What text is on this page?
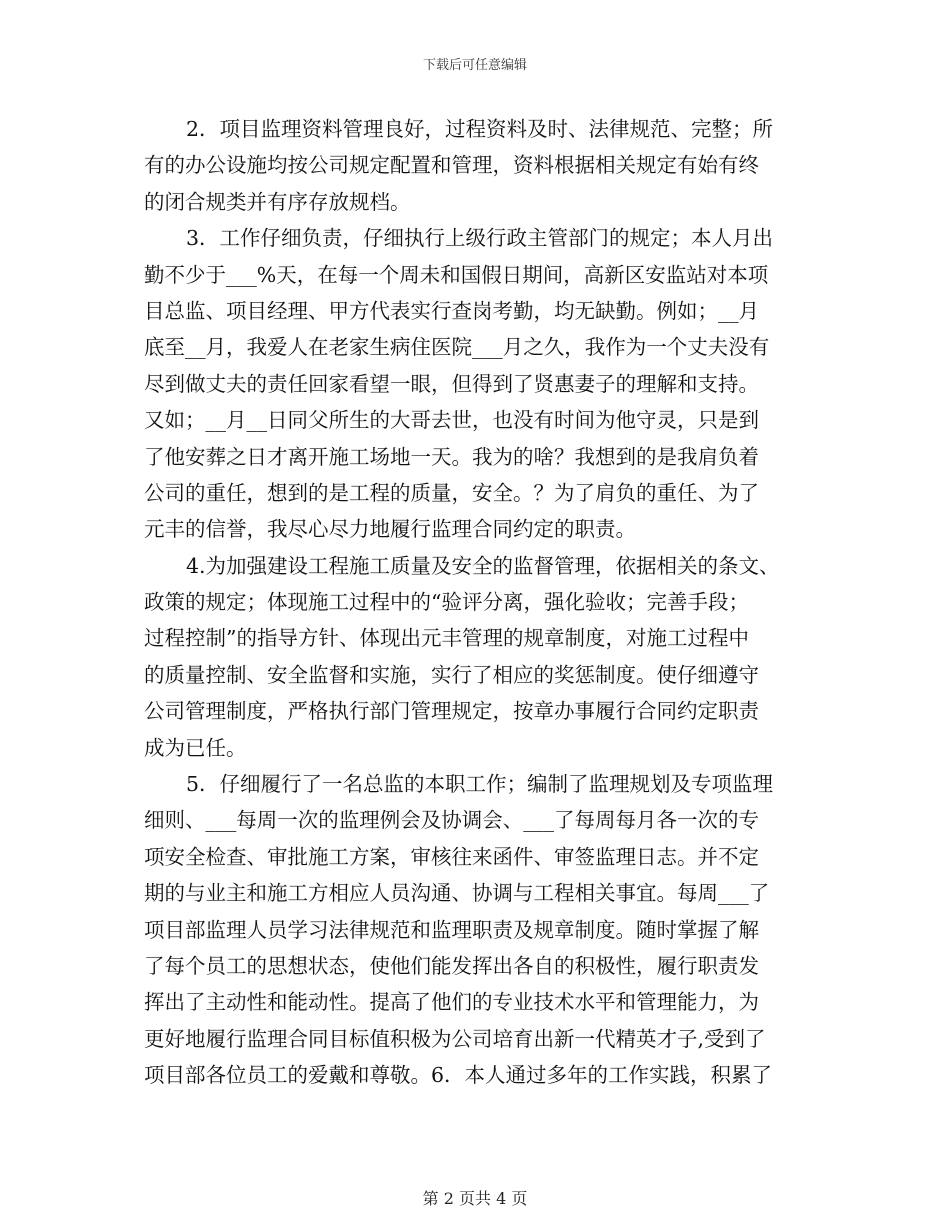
下载后可任意编辑
2．项目监理资料管理良好，过程资料及时、法律规范、完整；所
有的办公设施均按公司规定配置和管理，资料根据相关规定有始有终
的闭合规类并有序存放规档。
3．工作仔细负责，仔细执行上级行政主管部门的规定；本人月出
勤不少于___%天，在每一个周未和国假日期间，高新区安监站对本项
目总监、项目经理、甲方代表实行查岗考勤，均无缺勤。例如；__月
底至__月，我爱人在老家生病住医院___月之久，我作为一个丈夫没有
尽到做丈夫的责任回家看望一眼，但得到了贤惠妻子的理解和支持。
又如；__月__日同父所生的大哥去世，也没有时间为他守灵，只是到
了他安葬之日才离开施工场地一天。我为的啥？我想到的是我肩负着
公司的重任，想到的是工程的质量，安全。？为了肩负的重任、为了
元丰的信誉，我尽心尽力地履行监理合同约定的职责。
4.为加强建设工程施工质量及安全的监督管理，依据相关的条文、
政策的规定；体现施工过程中的“验评分离，强化验收；完善手段；
过程控制”的指导方针、体现出元丰管理的规章制度，对施工过程中
的质量控制、安全监督和实施，实行了相应的奖惩制度。使仔细遵守
公司管理制度，严格执行部门管理规定，按章办事履行合同约定职责
成为已任。
5．仔细履行了一名总监的本职工作；编制了监理规划及专项监理
细则、___每周一次的监理例会及协调会、___了每周每月各一次的专
项安全检查、审批施工方案，审核往来函件、审签监理日志。并不定
期的与业主和施工方相应人员沟通、协调与工程相关事宜。每周___了
项目部监理人员学习法律规范和监理职责及规章制度。随时掌握了解
了每个员工的思想状态，使他们能发挥出各自的积极性，履行职责发
挥出了主动性和能动性。提高了他们的专业技术水平和管理能力，为
更好地履行监理合同目标值积极为公司培育出新一代精英才子,受到了
项目部各位员工的爱戴和尊敬。6．本人通过多年的工作实践，积累了
第 2 页共 4 页
